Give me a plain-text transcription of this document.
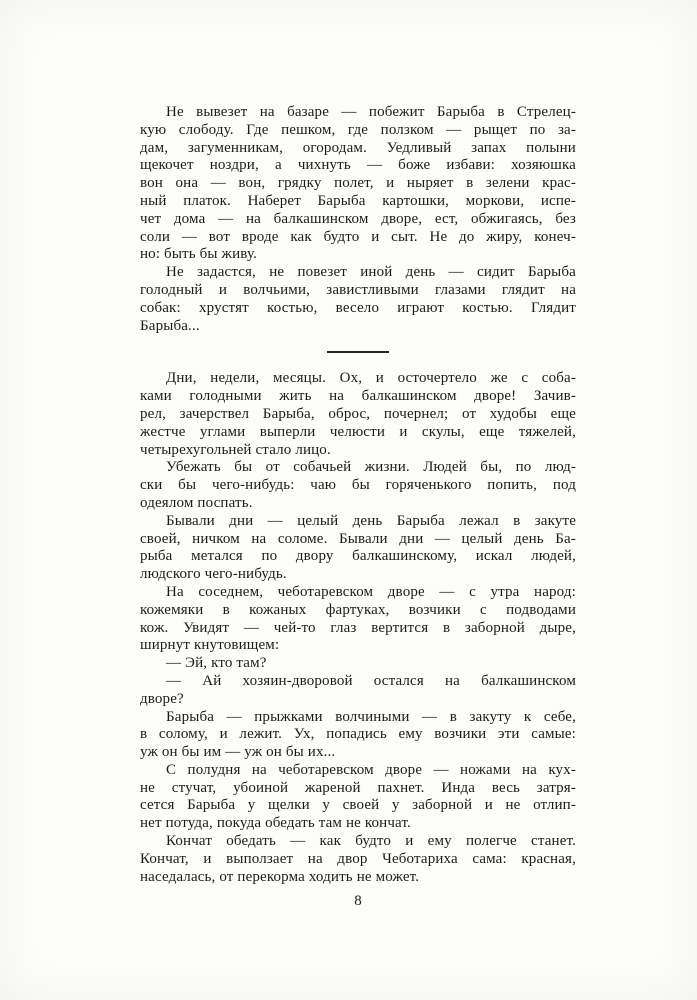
Не вывезет на базаре — побежит Барыба в Стрелец-
кую слободу. Где пешком, где ползком — рыщет по за-
дам, загуменникам, огородам. Уедливый запах полыни
щекочет ноздри, а чихнуть — боже избави: хозяюшка
вон она — вон, грядку полет, и ныряет в зелени крас-
ный платок. Наберет Барыба картошки, моркови, испе-
чет дома — на балкашинском дворе, ест, обжигаясь, без
соли — вот вроде как будто и сыт. Не до жиру, конеч-
но: быть бы живу.
Не задастся, не повезет иной день — сидит Барыба
голодный и волчьими, завистливыми глазами глядит на
собак: хрустят костью, весело играют костью. Глядит
Барыба...
Дни, недели, месяцы. Ох, и осточертело же с соба-
ками голодными жить на балкашинском дворе! Зачив-
рел, зачерствел Барыба, оброс, почернел; от худобы еще
жестче углами выперли челюсти и скулы, еще тяжелей,
четырехугольней стало лицо.
Убежать бы от собачьей жизни. Людей бы, по люд-
ски бы чего-нибудь: чаю бы горяченького попить, под
одеялом поспать.
Бывали дни — целый день Барыба лежал в закуте
своей, ничком на соломе. Бывали дни — целый день Ба-
рыба метался по двору балкашинскому, искал людей,
людского чего-нибудь.
На соседнем, чеботаревском дворе — с утра народ:
кожемяки в кожаных фартуках, возчики с подводами
кож. Увидят — чей-то глаз вертится в заборной дыре,
ширнут кнутовищем:
— Эй, кто там?
— Ай хозяин-дворовой остался на балкашинском
дворе?
Барыба — прыжками волчиными — в закуту к себе,
в солому, и лежит. Ух, попадись ему возчики эти самые:
уж он бы им — уж он бы их...
С полудня на чеботаревском дворе — ножами на кух-
не стучат, убоиной жареной пахнет. Инда весь затря-
сется Барыба у щелки у своей у заборной и не отлип-
нет потуда, покуда обедать там не кончат.
Кончат обедать — как будто и ему полегче станет.
Кончат, и выползает на двор Чеботариха сама: красная,
наседалась, от перекорма ходить не может.
8
